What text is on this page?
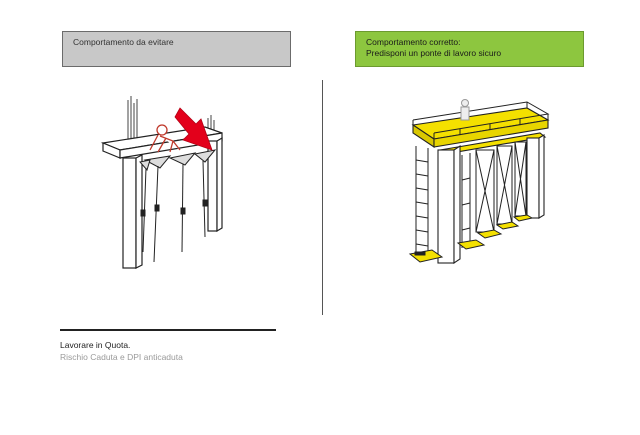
Comportamento da evitare	Comportamento corretto:
Predisponi un ponte di lavoro sicuro
Lavorare in Quota.
Rischio Caduta e DPI anticaduta
